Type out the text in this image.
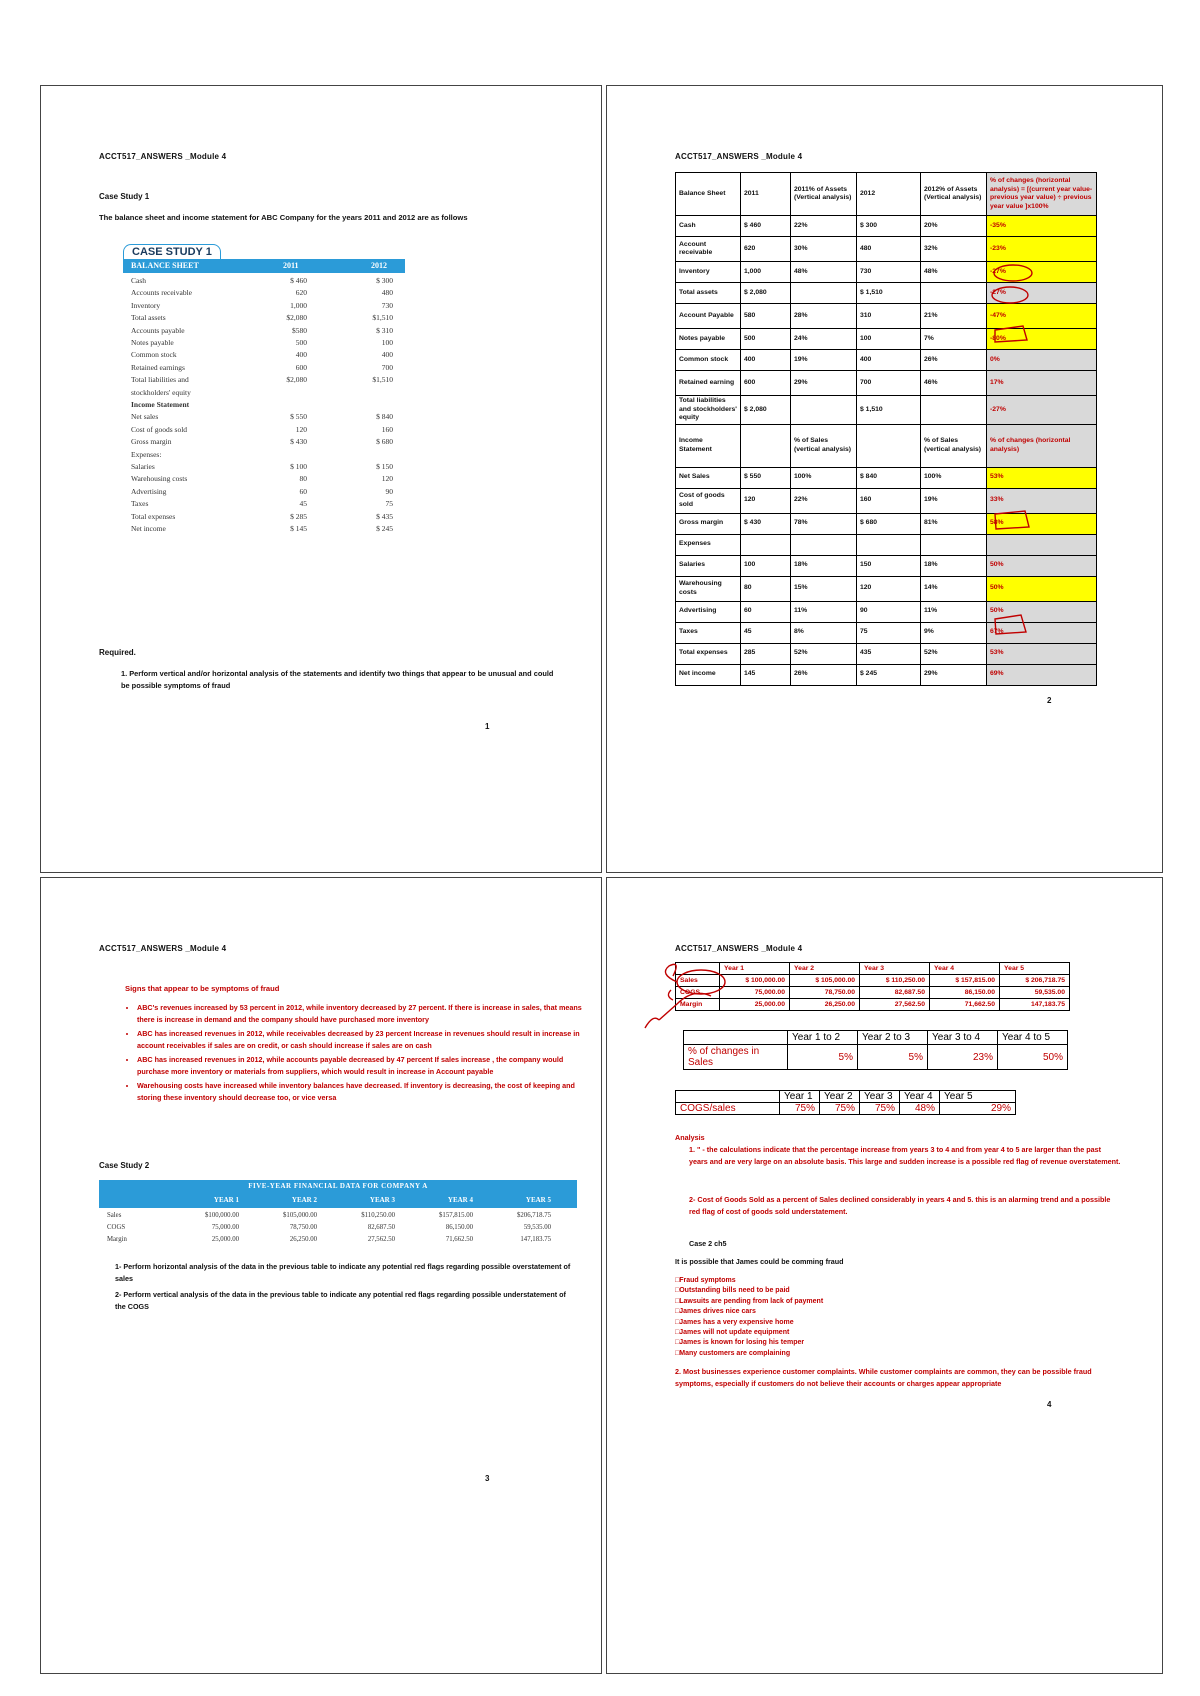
ACCT517_ANSWERS _Module 4
Case Study 1
The balance sheet and income statement for ABC Company for the years 2011 and 2012 are as follows
CASE STUDY 1
BALANCE SHEET	2011	2012
Cash	$ 460	$ 300
Accounts receivable	620	480
Inventory	1,000	730
Total assets	$2,080	$1,510
Accounts payable	$580	$ 310
Notes payable	500	100
Common stock	400	400
Retained earnings	600	700
Total liabilities and	$2,080	$1,510
stockholders' equity
Income Statement
Net sales	$ 550	$ 840
Cost of goods sold	120	160
Gross margin	$ 430	$ 680
Expenses:
Salaries	$ 100	$ 150
Warehousing costs	80	120
Advertising	60	90
Taxes	45	75
Total expenses	$ 285	$ 435
Net income	$ 145	$ 245
Required.
1. Perform vertical and/or horizontal analysis of the statements and identify two things that appear to be unusual and could be possible symptoms of fraud
1
ACCT517_ANSWERS _Module 4
Balance Sheet	2011	2011% of Assets (Vertical analysis)	2012	2012% of Assets (Vertical analysis)	% of changes (horizontal analysis) = [(current year value- previous year value) ÷ previous year value ]x100%
Cash	$ 460	22%	$ 300	20%	-35%
Account receivable	620	30%	480	32%	-23%
Inventory	1,000	48%	730	48%	-27%
Total assets	$ 2,080		$ 1,510		-27%
Account Payable	580	28%	310	21%	-47%
Notes payable	500	24%	100	7%	-80%
Common stock	400	19%	400	26%	0%
Retained earning	600	29%	700	46%	17%
Total liabilities and stockholders' equity	$ 2,080		$ 1,510		-27%
Income Statement		% of Sales (vertical analysis)		% of Sales (vertical analysis)	% of changes (horizontal analysis)
Net Sales	$ 550	100%	$ 840	100%	53%
Cost of goods sold	120	22%	160	19%	33%
Gross margin	$ 430	78%	$ 680	81%	58%
Expenses					
Salaries	100	18%	150	18%	50%
Warehousing costs	80	15%	120	14%	50%
Advertising	60	11%	90	11%	50%
Taxes	45	8%	75	9%	67%
Total expenses	285	52%	435	52%	53%
Net income	145	26%	$ 245	29%	69%
2
ACCT517_ANSWERS _Module 4
Signs that appear to be symptoms of fraud
• ABC's revenues increased by 53 percent in 2012, while inventory decreased by 27 percent. If there is increase in sales, that means there is increase in demand and the company should have purchased more inventory
• ABC has increased revenues in 2012, while receivables decreased by 23 percent Increase in revenues should result in increase in account receivables if sales are on credit, or cash should increase if sales are on cash
• ABC has increased revenues in 2012, while accounts payable decreased by 47 percent If sales increase , the company would purchase more inventory or materials from suppliers, which would result in increase in Account payable
• Warehousing costs have increased while inventory balances have decreased. If inventory is decreasing, the cost of keeping and storing these inventory should decrease too, or vice versa
Case Study 2
FIVE-YEAR FINANCIAL DATA FOR COMPANY A
YEAR 1	YEAR 2	YEAR 3	YEAR 4	YEAR 5
Sales	$100,000.00	$105,000.00	$110,250.00	$157,815.00	$206,718.75
COGS	75,000.00	78,750.00	82,687.50	86,150.00	59,535.00
Margin	25,000.00	26,250.00	27,562.50	71,662.50	147,183.75
1- Perform horizontal analysis of the data in the previous table to indicate any potential red flags regarding possible overstatement of sales
2- Perform vertical analysis of the data in the previous table to indicate any potential red flags regarding possible understatement of the COGS
3
ACCT517_ANSWERS _Module 4
	Year 1	Year 2	Year 3	Year 4	Year 5
Sales	$ 100,000.00	$ 105,000.00	$ 110,250.00	$ 157,815.00	$ 206,718.75
COGS	75,000.00	78,750.00	82,687.50	86,150.00	59,535.00
Margin	25,000.00	26,250.00	27,562.50	71,662.50	147,183.75
	Year 1 to 2	Year 2 to 3	Year 3 to 4	Year 4 to 5
% of changes in Sales	5%	5%	23%	50%
	Year 1	Year 2	Year 3	Year 4	Year 5
COGS/sales	75%	75%	75%	48%	29%
Analysis
1. " - the calculations indicate that the percentage increase from years 3 to 4 and from year 4 to 5 are larger than the past years and are very large on an absolute basis. This large and sudden increase is a possible red flag of revenue overstatement.
2- Cost of Goods Sold as a percent of Sales declined considerably in years 4 and 5. this is an alarming trend and a possible red flag of cost of goods sold understatement.
Case 2 ch5
It is possible that James could be comming fraud
□ Fraud symptoms
□ Outstanding bills need to be paid
□ Lawsuits are pending from lack of payment
□ James drives nice cars
□ James has a very expensive home
□ James will not update equipment
□ James is known for losing his temper
□ Many customers are complaining
2. Most businesses experience customer complaints. While customer complaints are common, they can be possible fraud symptoms, especially if customers do not believe their accounts or charges appear appropriate
4
